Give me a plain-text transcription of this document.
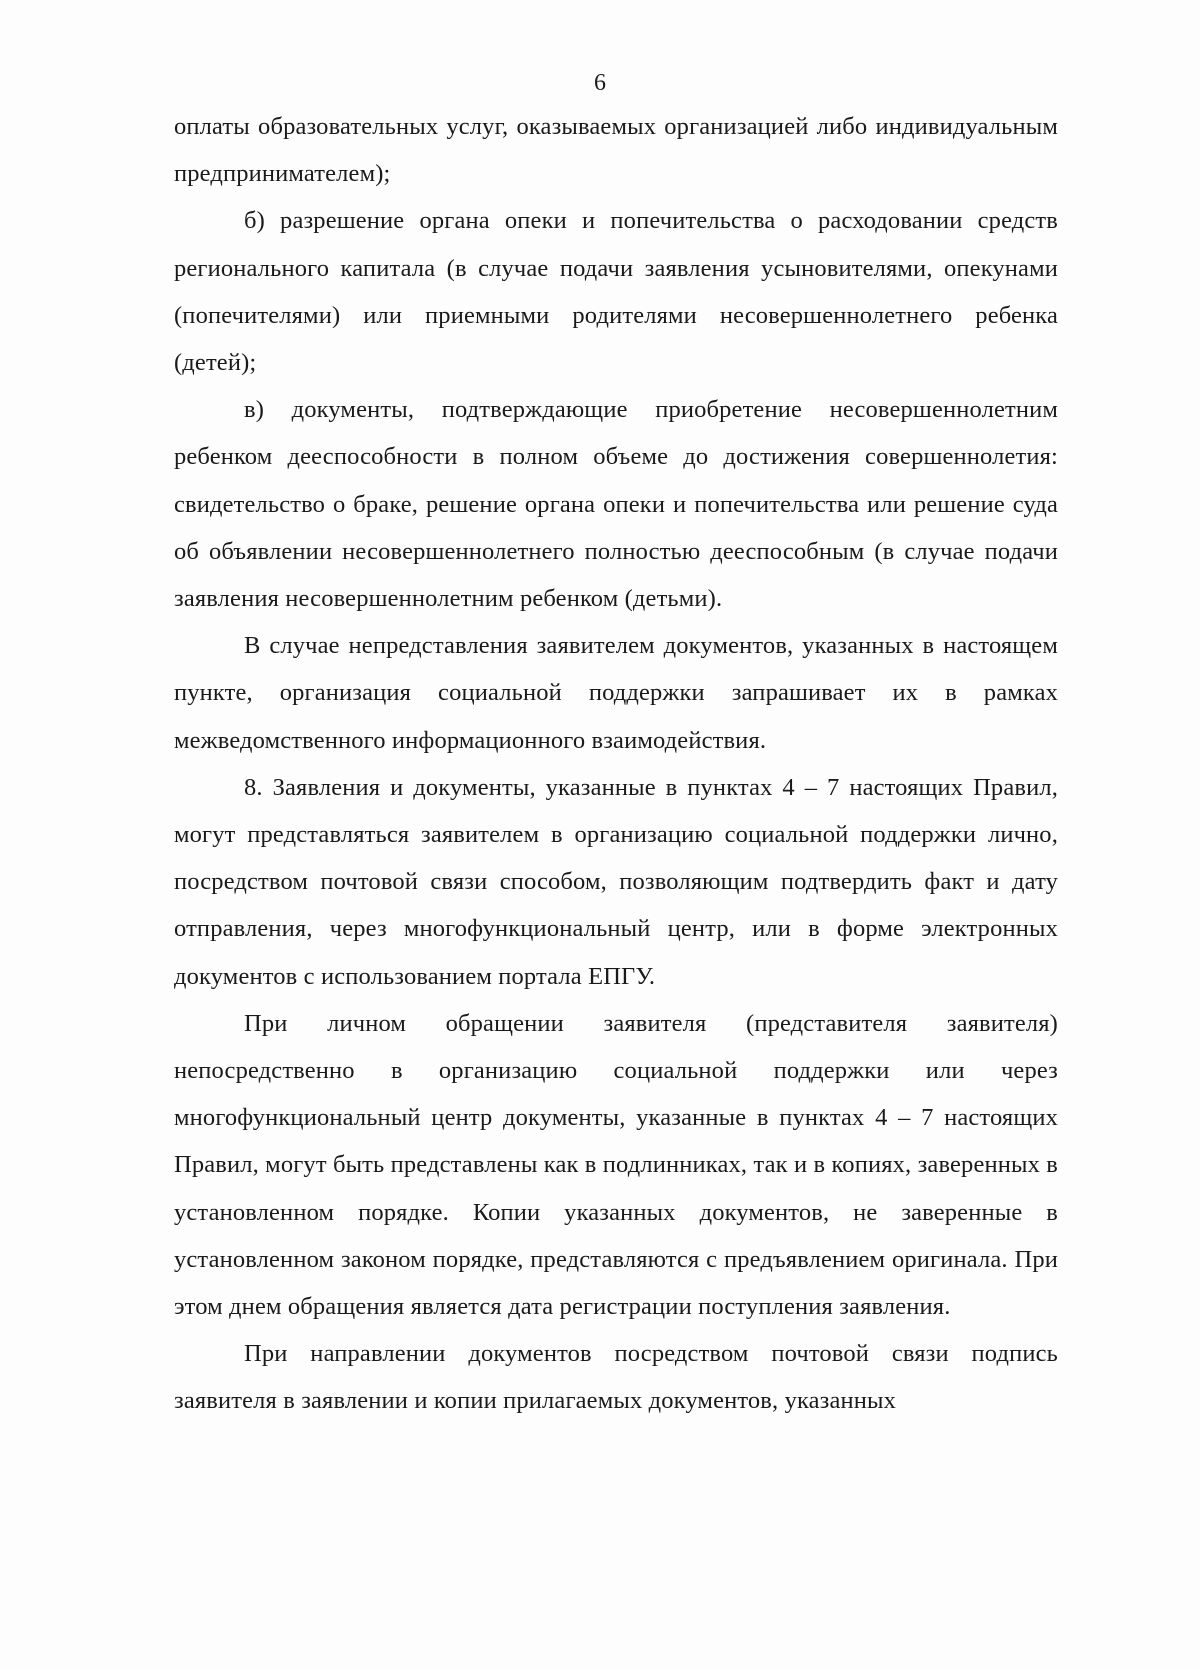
6

оплаты образовательных услуг, оказываемых организацией либо индивидуальным предпринимателем);

б) разрешение органа опеки и попечительства о расходовании средств регионального капитала (в случае подачи заявления усыновителями, опекунами (попечителями) или приемными родителями несовершеннолетнего ребенка (детей);

в) документы, подтверждающие приобретение несовершеннолетним ребенком дееспособности в полном объеме до достижения совершеннолетия: свидетельство о браке, решение органа опеки и попечительства или решение суда об объявлении несовершеннолетнего полностью дееспособным (в случае подачи заявления несовершеннолетним ребенком (детьми).

В случае непредставления заявителем документов, указанных в настоящем пункте, организация социальной поддержки запрашивает их в рамках межведомственного информационного взаимодействия.

8. Заявления и документы, указанные в пунктах 4 – 7 настоящих Правил, могут представляться заявителем в организацию социальной поддержки лично, посредством почтовой связи способом, позволяющим подтвердить факт и дату отправления, через многофункциональный центр, или в форме электронных документов с использованием портала ЕПГУ.

При личном обращении заявителя (представителя заявителя) непосредственно в организацию социальной поддержки или через многофункциональный центр документы, указанные в пунктах 4 – 7 настоящих Правил, могут быть представлены как в подлинниках, так и в копиях, заверенных в установленном порядке. Копии указанных документов, не заверенные в установленном законом порядке, представляются с предъявлением оригинала. При этом днем обращения является дата регистрации поступления заявления.

При направлении документов посредством почтовой связи подпись заявителя в заявлении и копии прилагаемых документов, указанных
